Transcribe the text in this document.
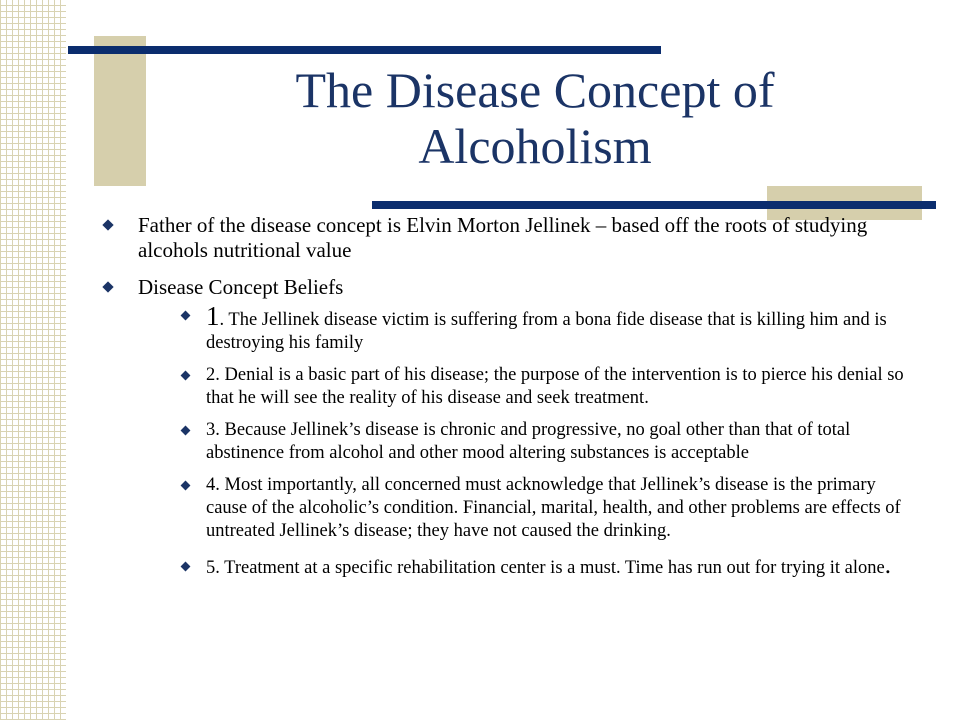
The Disease Concept of
Alcoholism
Father of the disease concept is Elvin Morton Jellinek – based off the roots of studying alcohols nutritional value
Disease Concept Beliefs
1. The Jellinek disease victim is suffering from a bona fide disease that is killing him and is destroying his family
2. Denial is a basic part of his disease; the purpose of the intervention is to pierce his denial so that he will see the reality of his disease and seek treatment.
3. Because Jellinek’s disease is chronic and progressive, no goal other than that of total abstinence from alcohol and other mood altering substances is acceptable
4. Most importantly, all concerned must acknowledge that Jellinek’s disease is the primary cause of the alcoholic’s condition. Financial, marital, health, and other problems are effects of untreated Jellinek’s disease; they have not caused the drinking.
5. Treatment at a specific rehabilitation center is a must. Time has run out for trying it alone.
